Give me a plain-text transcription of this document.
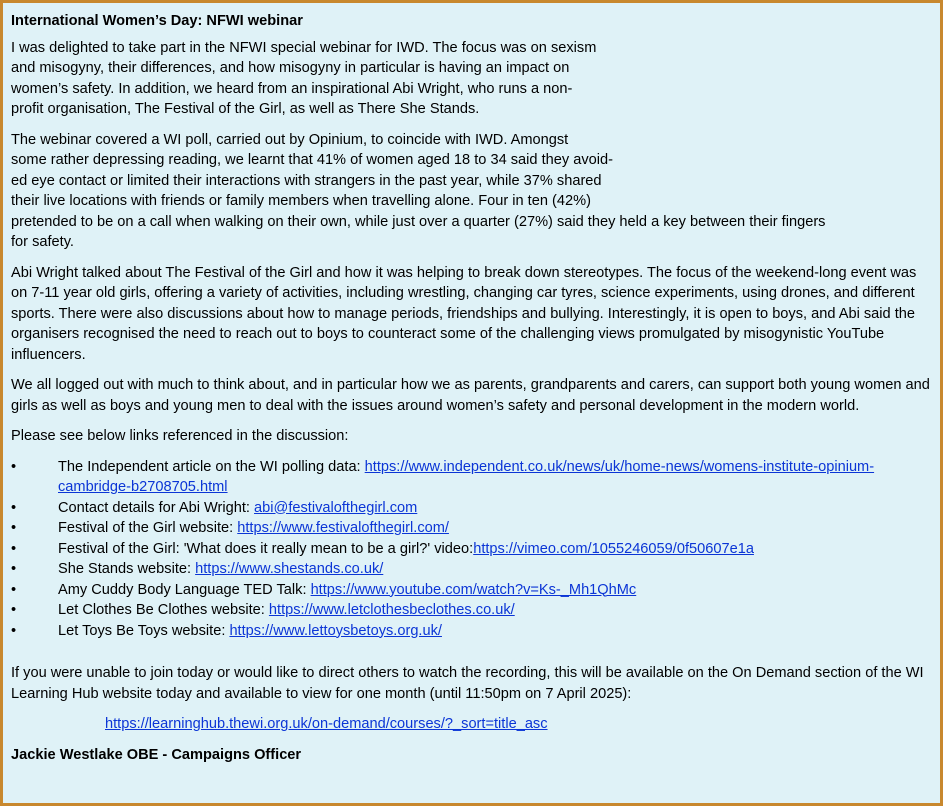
International Women’s Day: NFWI webinar

I was delighted to take part in the NFWI special webinar for IWD. The focus was on sexism
and misogyny, their differences, and how misogyny in particular is having an impact on
women’s safety. In addition, we heard from an inspirational Abi Wright, who runs a non-
profit organisation, The Festival of the Girl, as well as There She Stands.

The webinar covered a WI poll, carried out by Opinium, to coincide with IWD. Amongst
some rather depressing reading, we learnt that 41% of women aged 18 to 34 said they avoid-
ed eye contact or limited their interactions with strangers in the past year, while 37% shared
their live locations with friends or family members when travelling alone. Four in ten (42%)
pretended to be on a call when walking on their own, while just over a quarter (27%) said they held a key between their fingers
for safety.

Abi Wright talked about The Festival of the Girl and how it was helping to break down stereotypes. The focus of the weekend-long event was on 7-11 year old girls, offering a variety of activities, including wrestling, changing car tyres, science experiments, using drones, and different sports. There were also discussions about how to manage periods, friendships and bullying. Interestingly, it is open to boys, and Abi said the organisers recognised the need to reach out to boys to counteract some of the challenging views promulgated by misogynistic YouTube influencers.

We all logged out with much to think about, and in particular how we as parents, grandparents and carers, can support both young women and girls as well as boys and young men to deal with the issues around women’s safety and personal development in the modern world.

Please see below links referenced in the discussion:

•	The Independent article on the WI polling data: https://www.independent.co.uk/news/uk/home-news/womens-institute-opinium-cambridge-b2708705.html
•	Contact details for Abi Wright: abi@festivalofthegirl.com
•	Festival of the Girl website: https://www.festivalofthegirl.com/
•	Festival of the Girl: 'What does it really mean to be a girl?' video:https://vimeo.com/1055246059/0f50607e1a
•	She Stands website: https://www.shestands.co.uk/
•	Amy Cuddy Body Language TED Talk: https://www.youtube.com/watch?v=Ks-_Mh1QhMc
•	Let Clothes Be Clothes website: https://www.letclothesbeclothes.co.uk/
•	Let Toys Be Toys website: https://www.lettoysbetoys.org.uk/

If you were unable to join today or would like to direct others to watch the recording, this will be available on the On Demand section of the WI Learning Hub website today and available to view for one month (until 11:50pm on 7 April 2025):

https://learninghub.thewi.org.uk/on-demand/courses/?_sort=title_asc

Jackie Westlake OBE - Campaigns Officer
